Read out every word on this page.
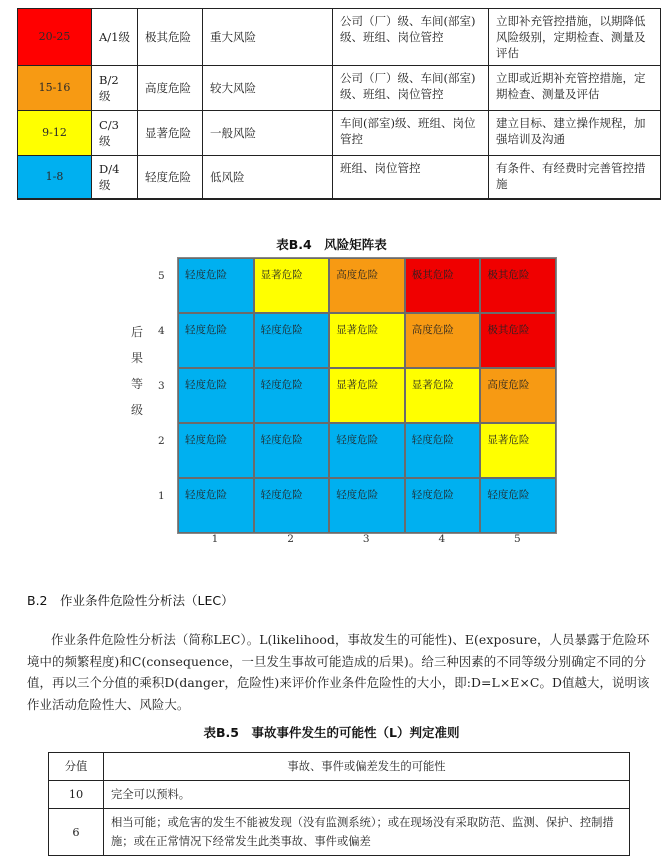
20-25	A/1级	极其危险	重大风险	公司（厂）级、车间(部室)级、班组、岗位管控	立即补充管控措施，以期降低风险级别，定期检查、测量及评估
15-16	B/2级	高度危险	较大风险	公司（厂）级、车间(部室)级、班组、岗位管控	立即或近期补充管控措施，定期检查、测量及评估
9-12	C/3级	显著危险	一般风险	车间(部室)级、班组、岗位管控	建立目标、建立操作规程，加强培训及沟通
1-8	D/4级	轻度危险	低风险	班组、岗位管控	有条件、有经费时完善管控措施
表B.4　风险矩阵表
后
果
等
级
5
4
3
2
1
轻度危险	显著危险	高度危险	极其危险	极其危险
轻度危险	轻度危险	显著危险	高度危险	极其危险
轻度危险	轻度危险	显著危险	显著危险	高度危险
轻度危险	轻度危险	轻度危险	轻度危险	显著危险
轻度危险	轻度危险	轻度危险	轻度危险	轻度危险
1	2	3	4	5
B.2　作业条件危险性分析法（LEC）
作业条件危险性分析法（简称LEC）。L(likelihood，事故发生的可能性)、E(exposure，人员暴露于危险环境中的频繁程度)和C(consequence，一旦发生事故可能造成的后果)。给三种因素的不同等级分别确定不同的分值，再以三个分值的乘积D(danger，危险性)来评价作业条件危险性的大小，即:D=L×E×C。D值越大，说明该作业活动危险性大、风险大。
表B.5　事故事件发生的可能性（L）判定准则
分值	事故、事件或偏差发生的可能性
10	完全可以预料。
6	相当可能；或危害的发生不能被发现（没有监测系统）；或在现场没有采取防范、监测、保护、控制措施；或在正常情况下经常发生此类事故、事件或偏差
